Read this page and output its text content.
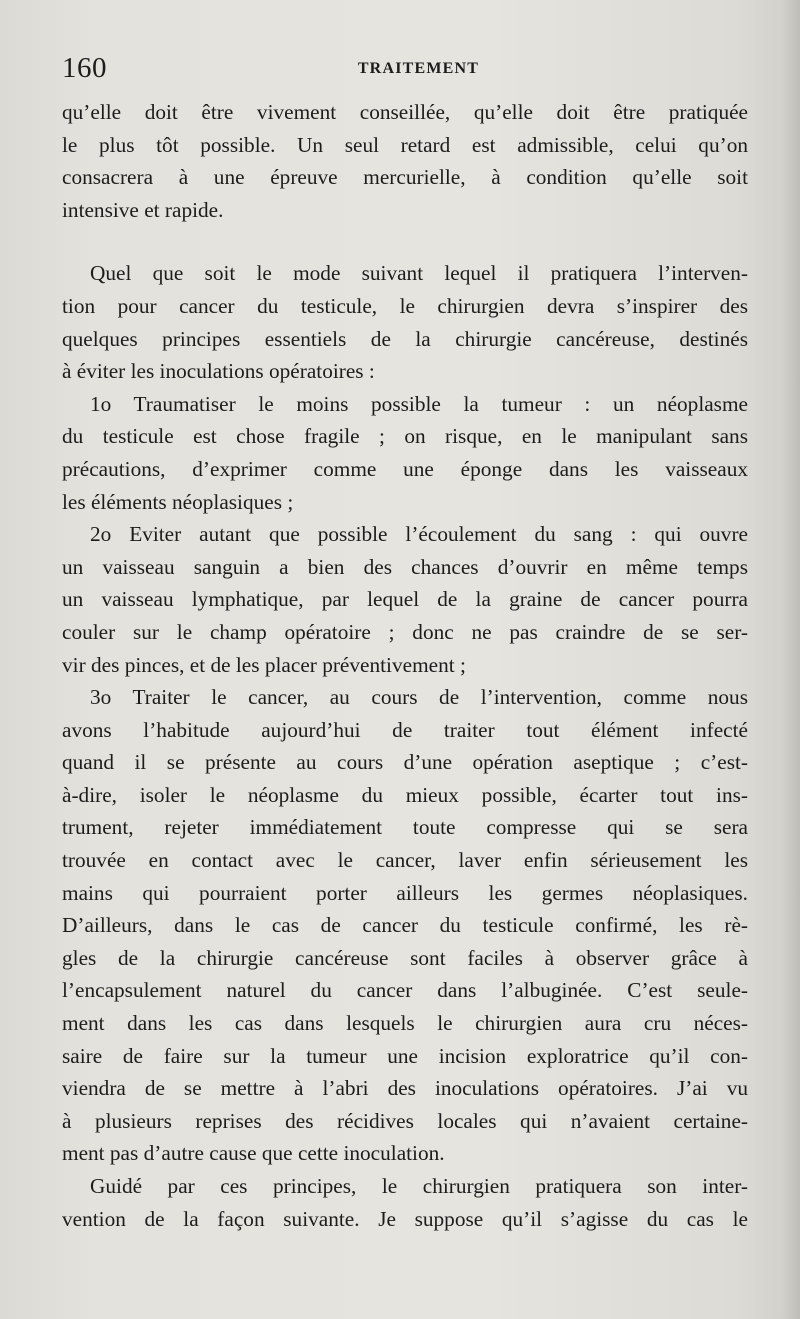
160	TRAITEMENT
qu’elle doit être vivement conseillée, qu’elle doit être pratiquée
le plus tôt possible. Un seul retard est admissible, celui qu’on
consacrera à une épreuve mercurielle, à condition qu’elle soit
intensive et rapide.
Quel que soit le mode suivant lequel il pratiquera l’interven-
tion pour cancer du testicule, le chirurgien devra s’inspirer des
quelques principes essentiels de la chirurgie cancéreuse, destinés
à éviter les inoculations opératoires :
1o Traumatiser le moins possible la tumeur : un néoplasme
du testicule est chose fragile ; on risque, en le manipulant sans
précautions, d’exprimer comme une éponge dans les vaisseaux
les éléments néoplasiques ;
2o Eviter autant que possible l’écoulement du sang : qui ouvre
un vaisseau sanguin a bien des chances d’ouvrir en même temps
un vaisseau lymphatique, par lequel de la graine de cancer pourra
couler sur le champ opératoire ; donc ne pas craindre de se ser-
vir des pinces, et de les placer préventivement ;
3o Traiter le cancer, au cours de l’intervention, comme nous
avons l’habitude aujourd’hui de traiter tout élément infecté
quand il se présente au cours d’une opération aseptique ; c’est-
à-dire, isoler le néoplasme du mieux possible, écarter tout ins-
trument, rejeter immédiatement toute compresse qui se sera
trouvée en contact avec le cancer, laver enfin sérieusement les
mains qui pourraient porter ailleurs les germes néoplasiques.
D’ailleurs, dans le cas de cancer du testicule confirmé, les rè-
gles de la chirurgie cancéreuse sont faciles à observer grâce à
l’encapsulement naturel du cancer dans l’albuginée. C’est seule-
ment dans les cas dans lesquels le chirurgien aura cru néces-
saire de faire sur la tumeur une incision exploratrice qu’il con-
viendra de se mettre à l’abri des inoculations opératoires. J’ai vu
à plusieurs reprises des récidives locales qui n’avaient certaine-
ment pas d’autre cause que cette inoculation.
Guidé par ces principes, le chirurgien pratiquera son inter-
vention de la façon suivante. Je suppose qu’il s’agisse du cas le
